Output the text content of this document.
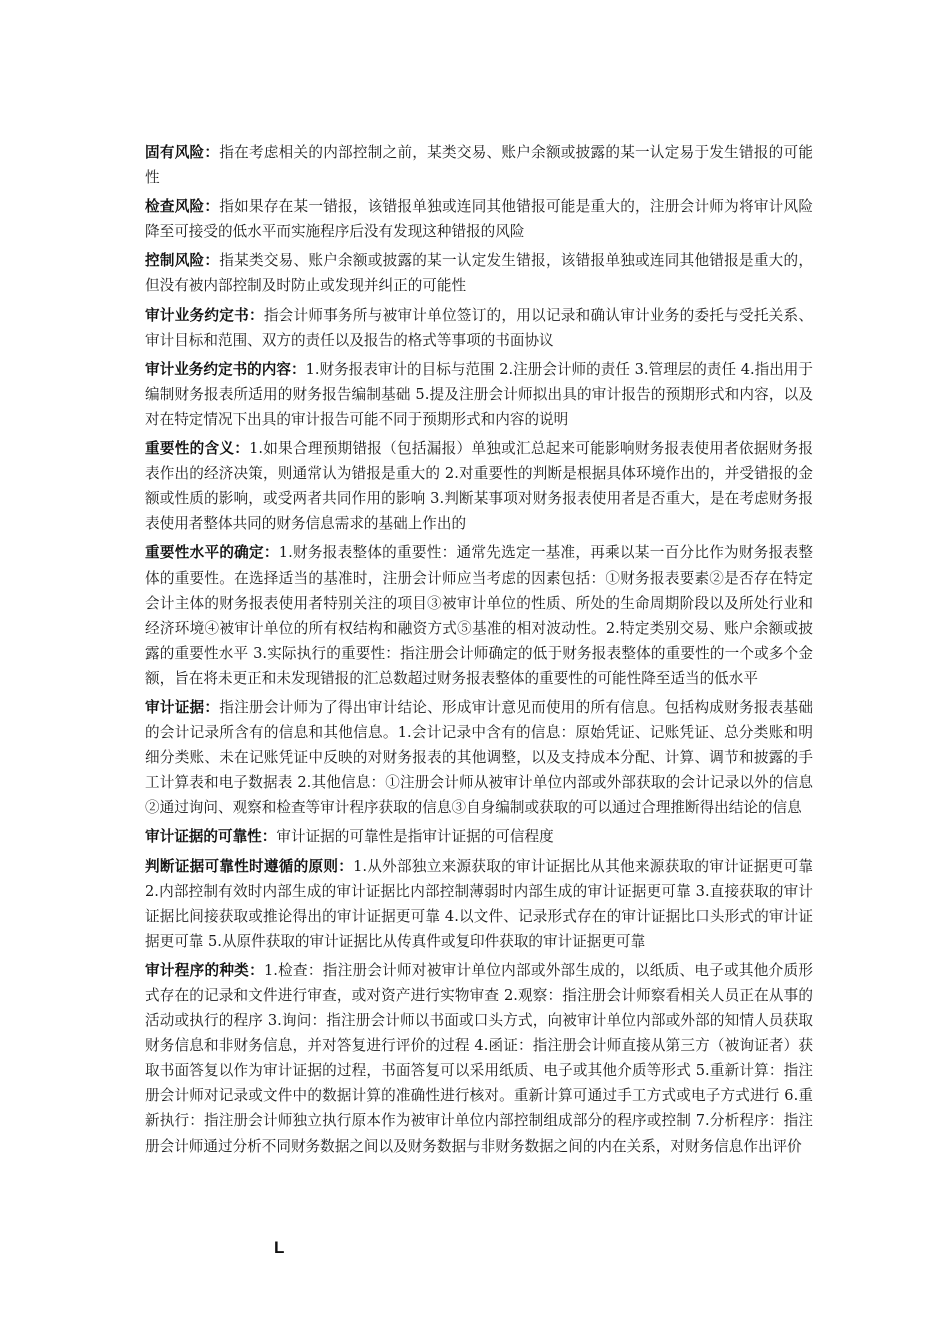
固有风险：指在考虑相关的内部控制之前，某类交易、账户余额或披露的某一认定易于发生错报的可能性

检查风险：指如果存在某一错报，该错报单独或连同其他错报可能是重大的，注册会计师为将审计风险降至可接受的低水平而实施程序后没有发现这种错报的风险

控制风险：指某类交易、账户余额或披露的某一认定发生错报，该错报单独或连同其他错报是重大的，但没有被内部控制及时防止或发现并纠正的可能性

审计业务约定书：指会计师事务所与被审计单位签订的，用以记录和确认审计业务的委托与受托关系、审计目标和范围、双方的责任以及报告的格式等事项的书面协议

审计业务约定书的内容：1.财务报表审计的目标与范围 2.注册会计师的责任 3.管理层的责任 4.指出用于编制财务报表所适用的财务报告编制基础 5.提及注册会计师拟出具的审计报告的预期形式和内容，以及对在特定情况下出具的审计报告可能不同于预期形式和内容的说明

重要性的含义：1.如果合理预期错报（包括漏报）单独或汇总起来可能影响财务报表使用者依据财务报表作出的经济决策，则通常认为错报是重大的 2.对重要性的判断是根据具体环境作出的，并受错报的金额或性质的影响，或受两者共同作用的影响 3.判断某事项对财务报表使用者是否重大，是在考虑财务报表使用者整体共同的财务信息需求的基础上作出的

重要性水平的确定：1.财务报表整体的重要性：通常先选定一基准，再乘以某一百分比作为财务报表整体的重要性。在选择适当的基准时，注册会计师应当考虑的因素包括：①财务报表要素②是否存在特定会计主体的财务报表使用者特别关注的项目③被审计单位的性质、所处的生命周期阶段以及所处行业和经济环境④被审计单位的所有权结构和融资方式⑤基准的相对波动性。2.特定类别交易、账户余额或披露的重要性水平 3.实际执行的重要性：指注册会计师确定的低于财务报表整体的重要性的一个或多个金额，旨在将未更正和未发现错报的汇总数超过财务报表整体的重要性的可能性降至适当的低水平

审计证据：指注册会计师为了得出审计结论、形成审计意见而使用的所有信息。包括构成财务报表基础的会计记录所含有的信息和其他信息。1.会计记录中含有的信息：原始凭证、记账凭证、总分类账和明细分类账、未在记账凭证中反映的对财务报表的其他调整，以及支持成本分配、计算、调节和披露的手工计算表和电子数据表 2.其他信息：①注册会计师从被审计单位内部或外部获取的会计记录以外的信息②通过询问、观察和检查等审计程序获取的信息③自身编制或获取的可以通过合理推断得出结论的信息

审计证据的可靠性：审计证据的可靠性是指审计证据的可信程度

判断证据可靠性时遵循的原则：1.从外部独立来源获取的审计证据比从其他来源获取的审计证据更可靠 2.内部控制有效时内部生成的审计证据比内部控制薄弱时内部生成的审计证据更可靠 3.直接获取的审计证据比间接获取或推论得出的审计证据更可靠 4.以文件、记录形式存在的审计证据比口头形式的审计证据更可靠 5.从原件获取的审计证据比从传真件或复印件获取的审计证据更可靠

审计程序的种类：1.检查：指注册会计师对被审计单位内部或外部生成的，以纸质、电子或其他介质形式存在的记录和文件进行审查，或对资产进行实物审查 2.观察：指注册会计师察看相关人员正在从事的活动或执行的程序 3.询问：指注册会计师以书面或口头方式，向被审计单位内部或外部的知情人员获取财务信息和非财务信息，并对答复进行评价的过程 4.函证：指注册会计师直接从第三方（被询证者）获取书面答复以作为审计证据的过程，书面答复可以采用纸质、电子或其他介质等形式 5.重新计算：指注册会计师对记录或文件中的数据计算的准确性进行核对。重新计算可通过手工方式或电子方式进行 6.重新执行：指注册会计师独立执行原本作为被审计单位内部控制组成部分的程序或控制 7.分析程序：指注册会计师通过分析不同财务数据之间以及财务数据与非财务数据之间的内在关系，对财务信息作出评价

L
